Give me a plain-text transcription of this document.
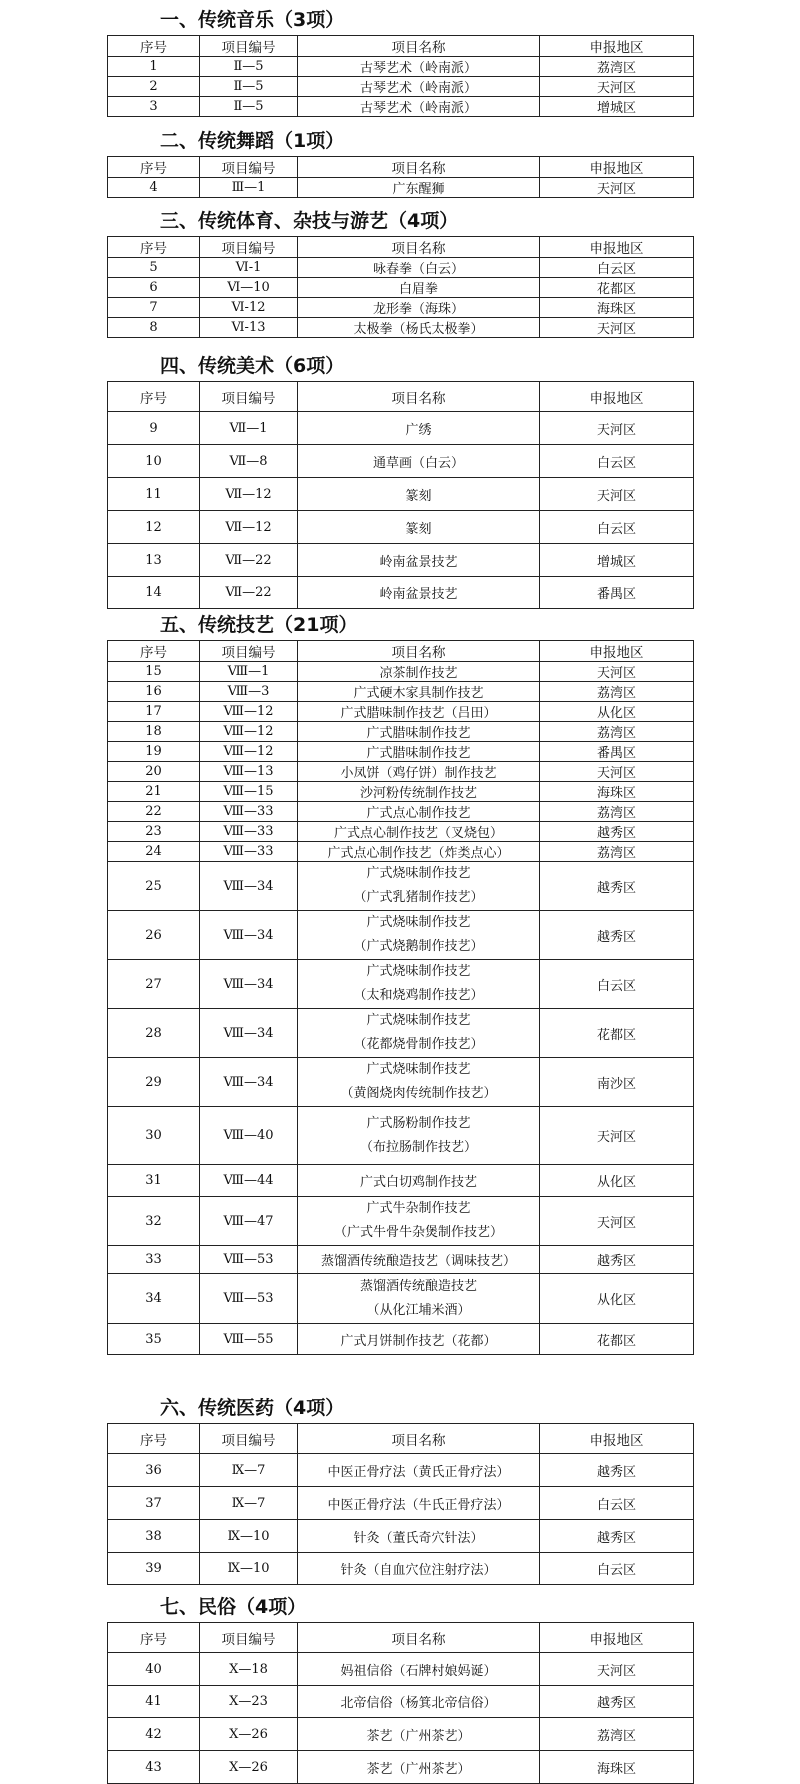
一、传统音乐（3项）
序号	项目编号	项目名称	申报地区
1	Ⅱ—5	古琴艺术（岭南派）	荔湾区
2	Ⅱ—5	古琴艺术（岭南派）	天河区
3	Ⅱ—5	古琴艺术（岭南派）	增城区
二、传统舞蹈（1项）
序号	项目编号	项目名称	申报地区
4	Ⅲ—1	广东醒狮	天河区
三、传统体育、杂技与游艺（4项）
序号	项目编号	项目名称	申报地区
5	Ⅵ-1	咏春拳（白云）	白云区
6	Ⅵ—10	白眉拳	花都区
7	Ⅵ-12	龙形拳（海珠）	海珠区
8	Ⅵ-13	太极拳（杨氏太极拳）	天河区
四、传统美术（6项）
序号	项目编号	项目名称	申报地区
9	Ⅶ—1	广绣	天河区
10	Ⅶ—8	通草画（白云）	白云区
11	Ⅶ—12	篆刻	天河区
12	Ⅶ—12	篆刻	白云区
13	Ⅶ—22	岭南盆景技艺	增城区
14	Ⅶ—22	岭南盆景技艺	番禺区
五、传统技艺（21项）
序号	项目编号	项目名称	申报地区
15	Ⅷ—1	凉茶制作技艺	天河区
16	Ⅷ—3	广式硬木家具制作技艺	荔湾区
17	Ⅷ—12	广式腊味制作技艺（吕田）	从化区
18	Ⅷ—12	广式腊味制作技艺	荔湾区
19	Ⅷ—12	广式腊味制作技艺	番禺区
20	Ⅷ—13	小凤饼（鸡仔饼）制作技艺	天河区
21	Ⅷ—15	沙河粉传统制作技艺	海珠区
22	Ⅷ—33	广式点心制作技艺	荔湾区
23	Ⅷ—33	广式点心制作技艺（叉烧包）	越秀区
24	Ⅷ—33	广式点心制作技艺（炸类点心）	荔湾区
25	Ⅷ—34	广式烧味制作技艺
（广式乳猪制作技艺）	越秀区
26	Ⅷ—34	广式烧味制作技艺
（广式烧鹅制作技艺）	越秀区
27	Ⅷ—34	广式烧味制作技艺
（太和烧鸡制作技艺）	白云区
28	Ⅷ—34	广式烧味制作技艺
（花都烧骨制作技艺）	花都区
29	Ⅷ—34	广式烧味制作技艺
（黄阁烧肉传统制作技艺）	南沙区
30	Ⅷ—40	广式肠粉制作技艺
（布拉肠制作技艺）	天河区
31	Ⅷ—44	广式白切鸡制作技艺	从化区
32	Ⅷ—47	广式牛杂制作技艺
（广式牛骨牛杂煲制作技艺）	天河区
33	Ⅷ—53	蒸馏酒传统酿造技艺（调味技艺）	越秀区
34	Ⅷ—53	蒸馏酒传统酿造技艺
（从化江埔米酒）	从化区
35	Ⅷ—55	广式月饼制作技艺（花都）	花都区
六、传统医药（4项）
序号	项目编号	项目名称	申报地区
36	Ⅸ—7	中医正骨疗法（黄氏正骨疗法）	越秀区
37	Ⅸ—7	中医正骨疗法（牛氏正骨疗法）	白云区
38	Ⅸ—10	针灸（董氏奇穴针法）	越秀区
39	Ⅸ—10	针灸（自血穴位注射疗法）	白云区
七、民俗（4项）
序号	项目编号	项目名称	申报地区
40	Ⅹ—18	妈祖信俗（石牌村娘妈诞）	天河区
41	Ⅹ—23	北帝信俗（杨箕北帝信俗）	越秀区
42	Ⅹ—26	茶艺（广州茶艺）	荔湾区
43	Ⅹ—26	茶艺（广州茶艺）	海珠区
